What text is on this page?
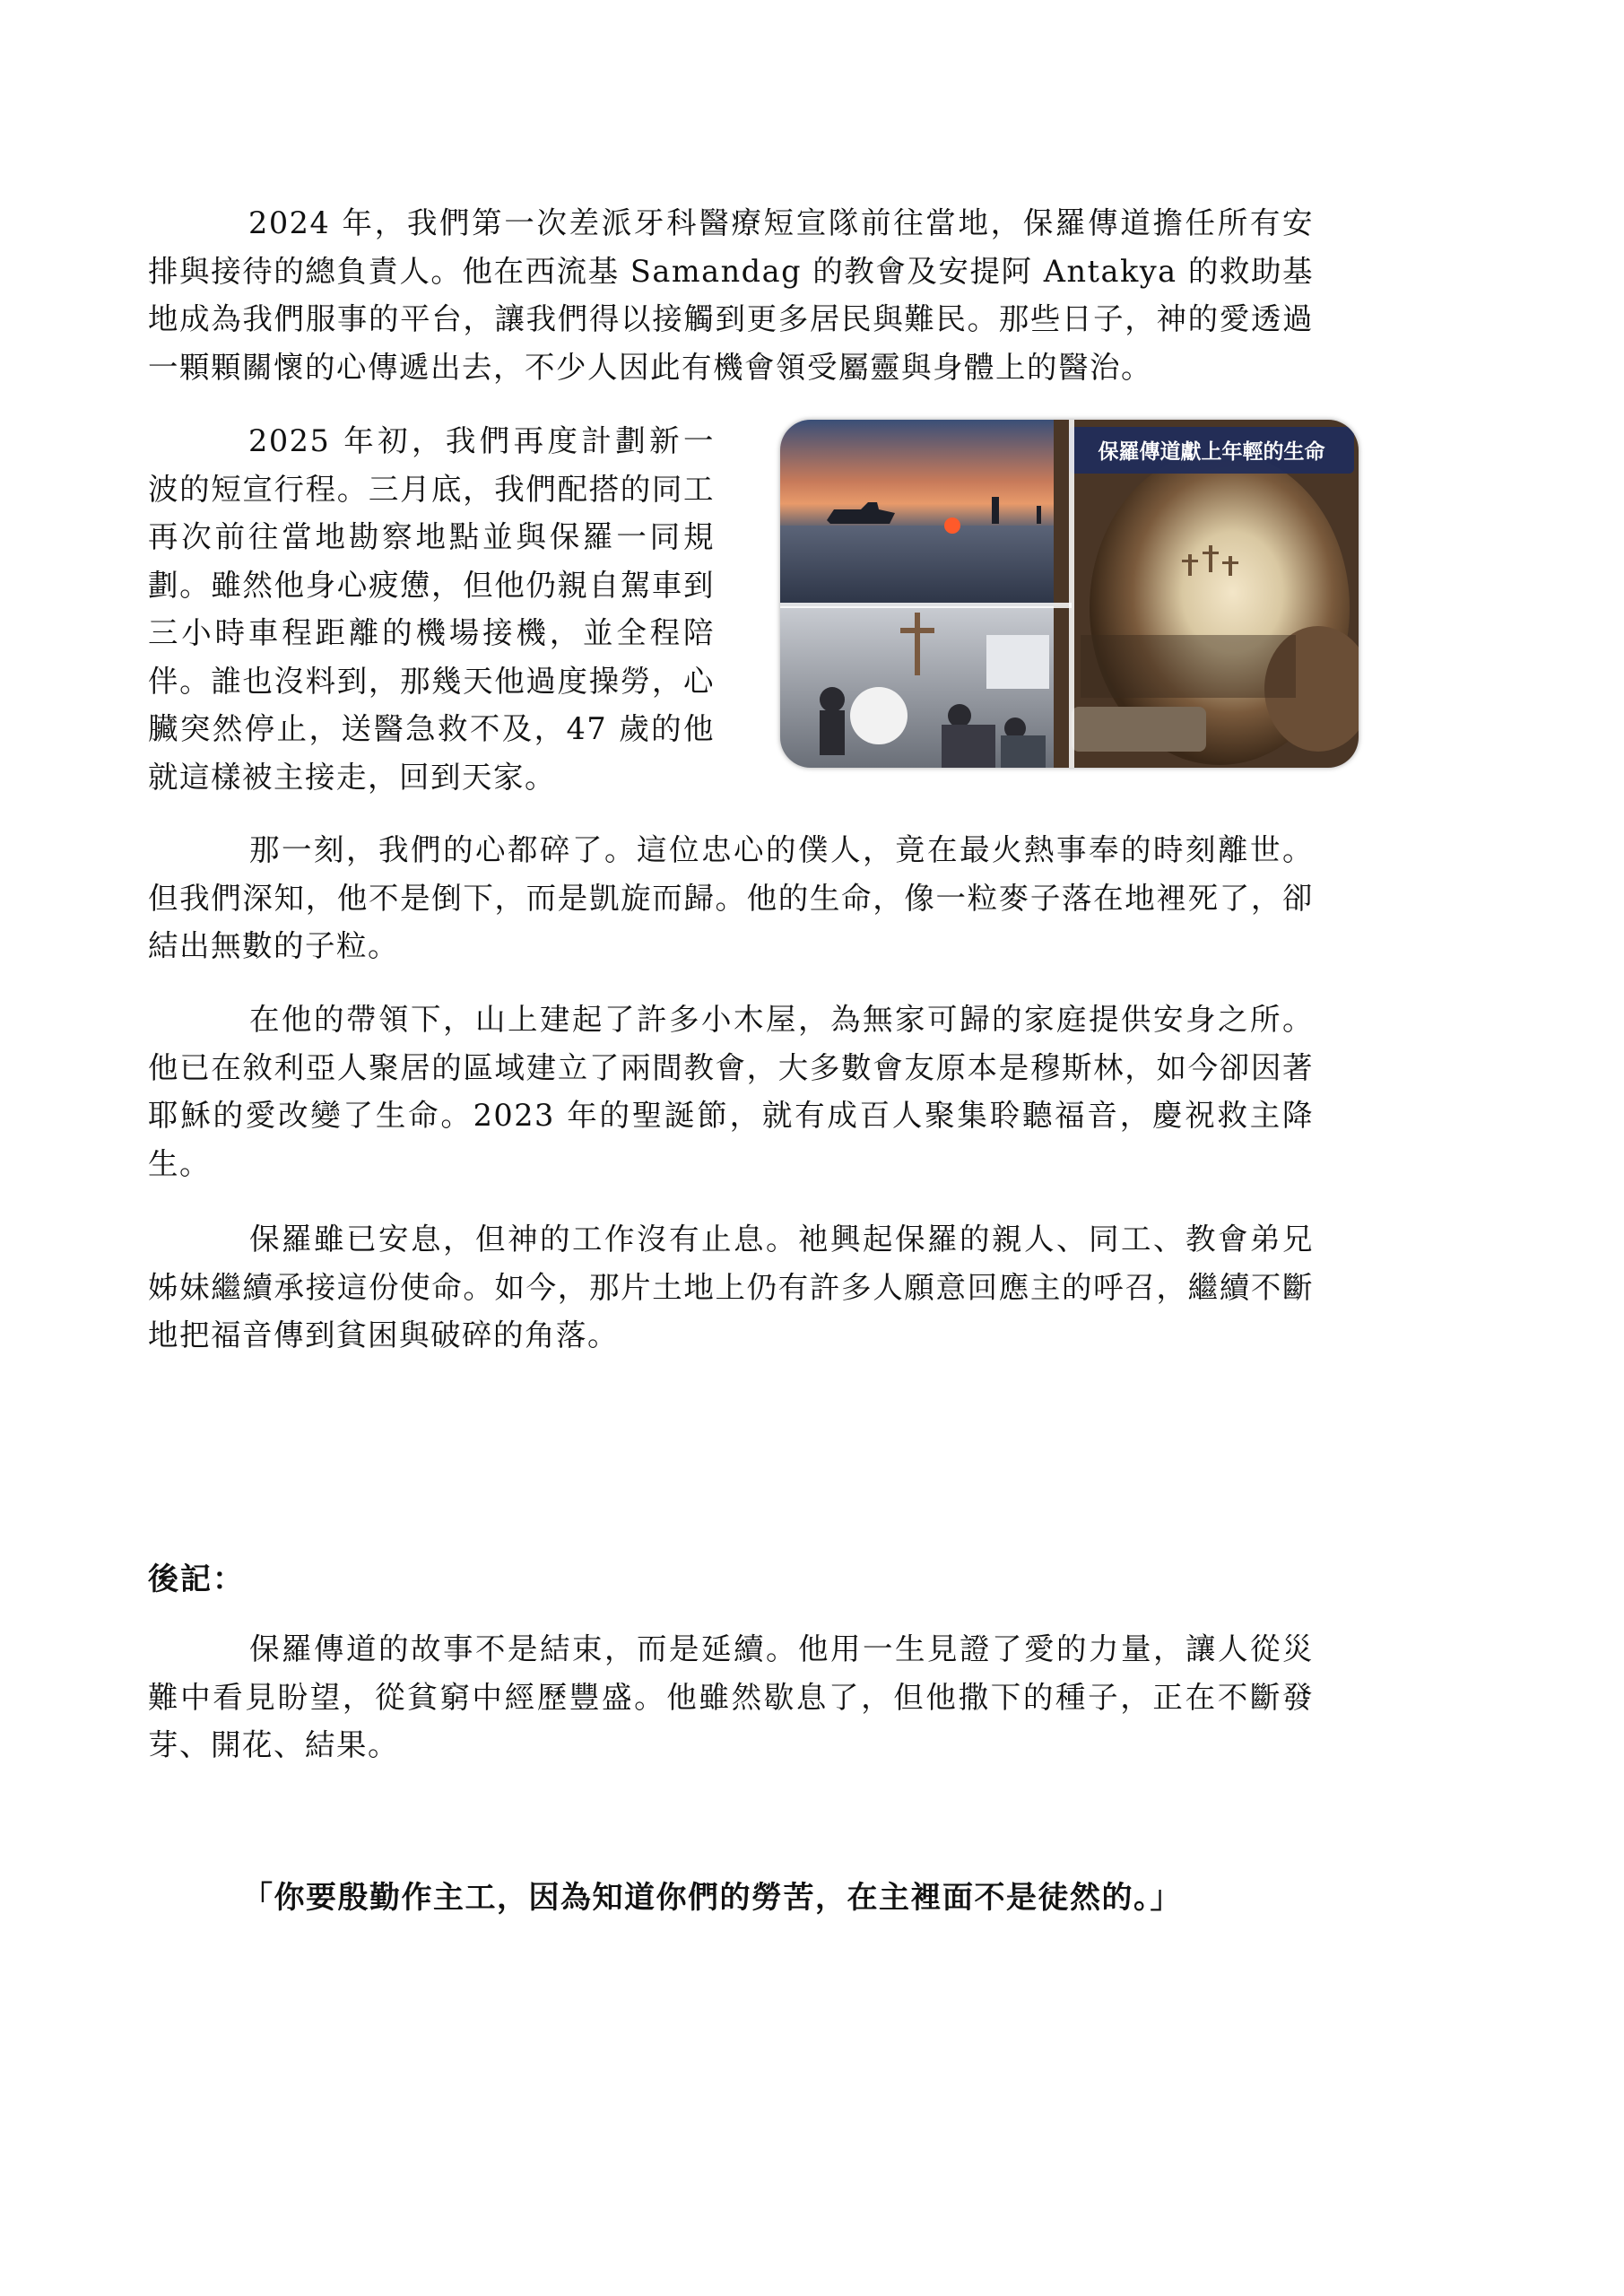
2024 年，我們第一次差派牙科醫療短宣隊前往當地，保羅傳道擔任所有安排與接待的總負責人。他在西流基 Samandag 的教會及安提阿 Antakya 的救助基地成為我們服事的平台，讓我們得以接觸到更多居民與難民。那些日子，神的愛透過一顆顆關懷的心傳遞出去，不少人因此有機會領受屬靈與身體上的醫治。

2025 年初，我們再度計劃新一波的短宣行程。三月底，我們配搭的同工再次前往當地勘察地點並與保羅一同規劃。雖然他身心疲憊，但他仍親自駕車到三小時車程距離的機場接機，並全程陪伴。誰也沒料到，那幾天他過度操勞，心臟突然停止，送醫急救不及，47 歲的他就這樣被主接走，回到天家。

保羅傳道獻上年輕的生命

那一刻，我們的心都碎了。這位忠心的僕人，竟在最火熱事奉的時刻離世。但我們深知，他不是倒下，而是凱旋而歸。他的生命，像一粒麥子落在地裡死了，卻結出無數的子粒。

在他的帶領下，山上建起了許多小木屋，為無家可歸的家庭提供安身之所。他已在敘利亞人聚居的區域建立了兩間教會，大多數會友原本是穆斯林，如今卻因著耶穌的愛改變了生命。2023 年的聖誕節，就有成百人聚集聆聽福音，慶祝救主降生。

保羅雖已安息，但神的工作沒有止息。祂興起保羅的親人、同工、教會弟兄姊妹繼續承接這份使命。如今，那片土地上仍有許多人願意回應主的呼召，繼續不斷地把福音傳到貧困與破碎的角落。

後記：

保羅傳道的故事不是結束，而是延續。他用一生見證了愛的力量，讓人從災難中看見盼望，從貧窮中經歷豐盛。他雖然歇息了，但他撒下的種子，正在不斷發芽、開花、結果。

「你要殷勤作主工，因為知道你們的勞苦，在主裡面不是徒然的。」
